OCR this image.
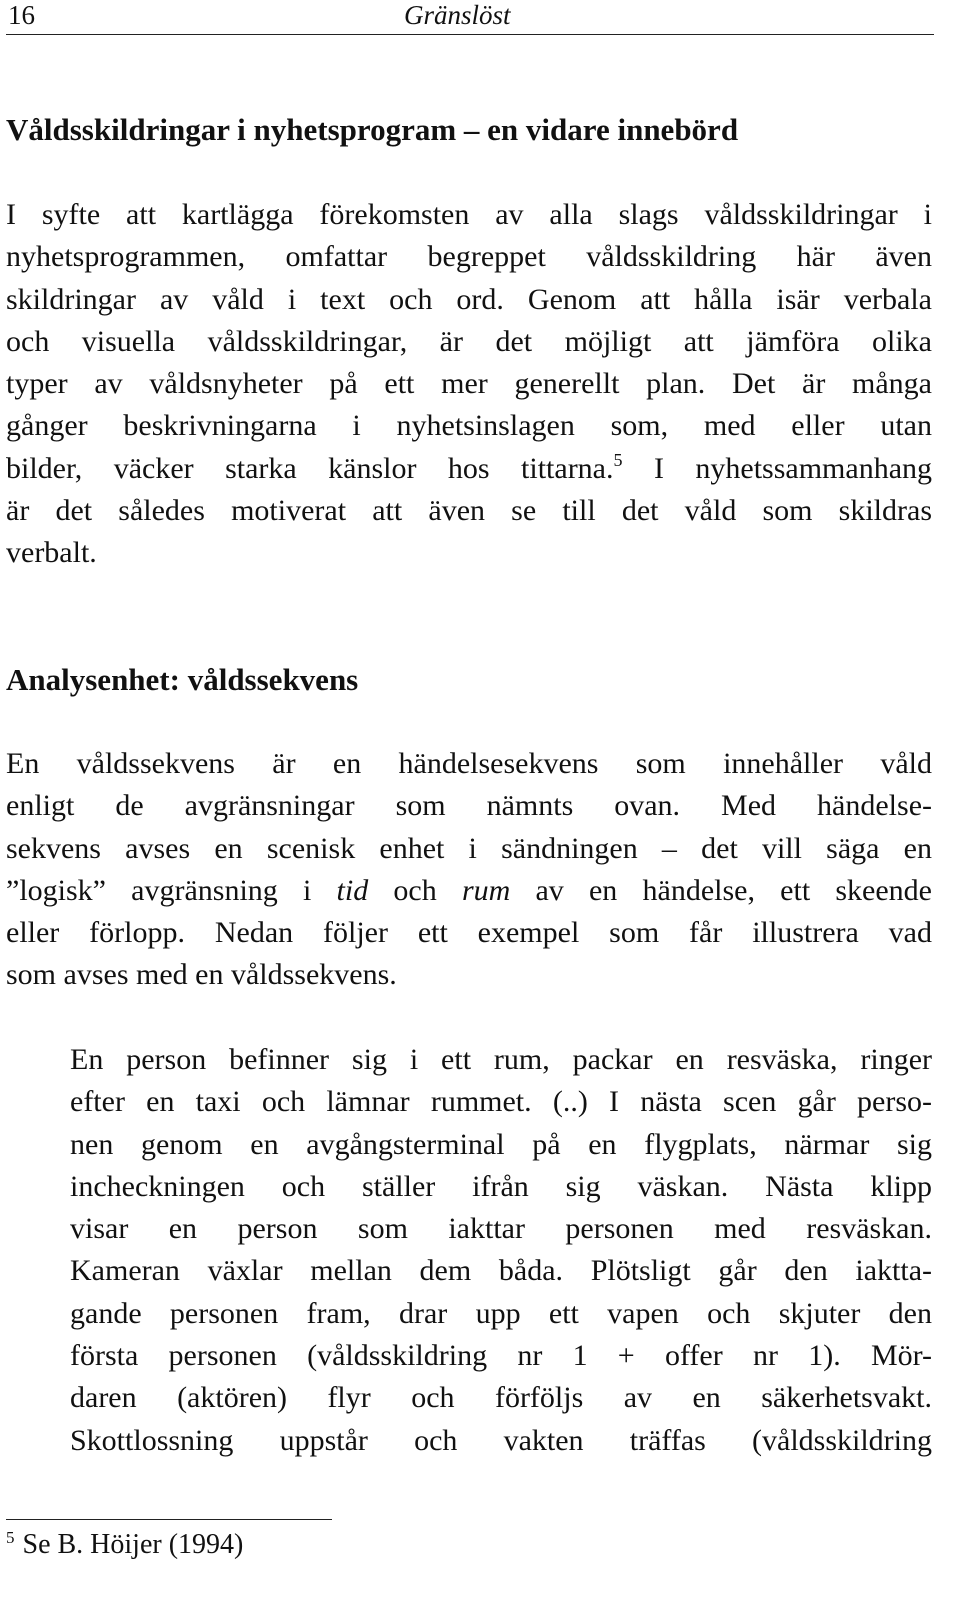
16	Gränslöst
Våldsskildringar i nyhetsprogram – en vidare innebörd
I syfte att kartlägga förekomsten av alla slags våldsskildringar i
nyhetsprogrammen, omfattar begreppet våldsskildring här även
skildringar av våld i text och ord. Genom att hålla isär verbala
och visuella våldsskildringar, är det möjligt att jämföra olika
typer av våldsnyheter på ett mer generellt plan. Det är många
gånger beskrivningarna i nyhetsinslagen som, med eller utan
bilder, väcker starka känslor hos tittarna.$^5$ I nyhetssammanhang
är det således motiverat att även se till det våld som skildras
verbalt.
Analysenhet: våldssekvens
En våldssekvens är en händelsesekvens som innehåller våld
enligt de avgränsningar som nämnts ovan. Med händelse-
sekvens avses en scenisk enhet i sändningen – det vill säga en
”logisk” avgränsning i tid och rum av en händelse, ett skeende
eller förlopp. Nedan följer ett exempel som får illustrera vad
som avses med en våldssekvens.
En person befinner sig i ett rum, packar en resväska, ringer
efter en taxi och lämnar rummet. (..) I nästa scen går perso-
nen genom en avgångsterminal på en flygplats, närmar sig
incheckningen och ställer ifrån sig väskan. Nästa klipp
visar en person som iakttar personen med resväskan.
Kameran växlar mellan dem båda. Plötsligt går den iaktta-
gande personen fram, drar upp ett vapen och skjuter den
första personen (våldsskildring nr 1 + offer nr 1). Mör-
daren (aktören) flyr och förföljs av en säkerhetsvakt.
Skottlossning uppstår och vakten träffas (våldsskildring
$^5$ Se B. Höijer (1994)
